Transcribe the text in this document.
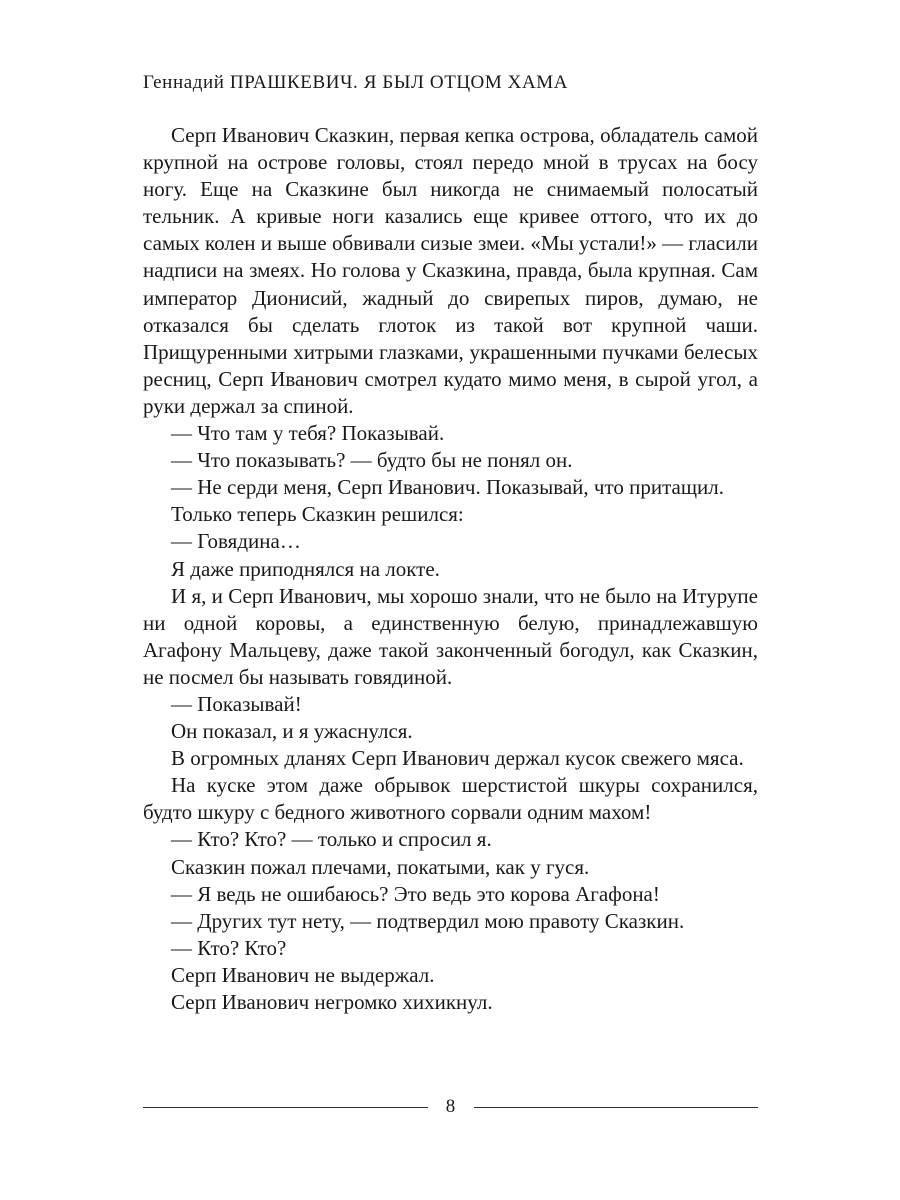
Геннадий ПРАШКЕВИЧ. Я БЫЛ ОТЦОМ ХАМА

Серп Иванович Сказкин, первая кепка острова, обладатель самой крупной на острове головы, стоял передо мной в трусах на босу ногу. Еще на Сказкине был никогда не снимаемый полосатый тельник. А кривые ноги казались еще кривее оттого, что их до самых колен и выше обвивали сизые змеи. «Мы устали!» — гласили надписи на змеях. Но голова у Сказкина, правда, была крупная. Сам император Дионисий, жадный до свирепых пиров, думаю, не отказался бы сделать глоток из такой вот крупной чаши. Прищуренными хитрыми глазками, украшенными пучками белесых ресниц, Серп Иванович смотрел кудато мимо меня, в сырой угол, а руки держал за спиной.

— Что там у тебя? Показывай.

— Что показывать? — будто бы не понял он.

— Не серди меня, Серп Иванович. Показывай, что притащил.

Только теперь Сказкин решился:

— Говядина…

Я даже приподнялся на локте.

И я, и Серп Иванович, мы хорошо знали, что не было на Итурупе ни одной коровы, а единственную белую, принадлежавшую Агафону Мальцеву, даже такой законченный богодул, как Сказкин, не посмел бы называть говядиной.

— Показывай!

Он показал, и я ужаснулся.

В огромных дланях Серп Иванович держал кусок свежего мяса.

На куске этом даже обрывок шерстистой шкуры сохранился, будто шкуру с бедного животного сорвали одним махом!

— Кто? Кто? — только и спросил я.

Сказкин пожал плечами, покатыми, как у гуся.

— Я ведь не ошибаюсь? Это ведь это корова Агафона!

— Других тут нету, — подтвердил мою правоту Сказкин.

— Кто? Кто?

Серп Иванович не выдержал.

Серп Иванович негромко хихикнул.

8
